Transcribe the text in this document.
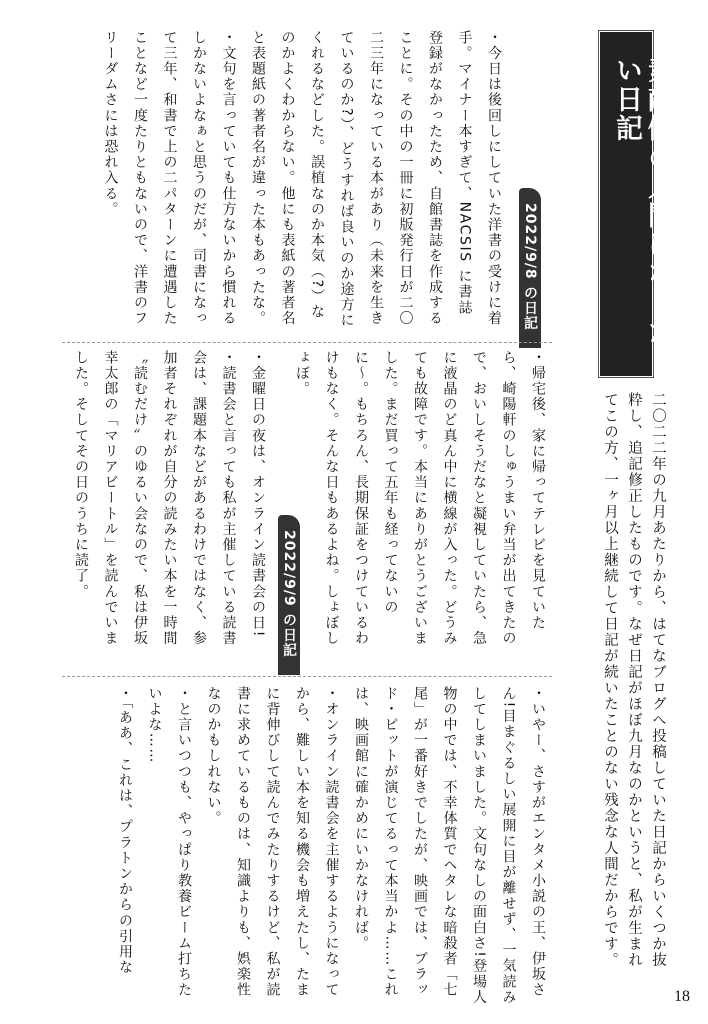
素敵側の人間になりたい日記
二〇二二年の九月あたりから、はてなブログへ投稿していた日記からいくつか抜粋し、追記修正したものです。なぜ日記がほぼ九月なのかというと、私が生まれてこの方、一ヶ月以上継続して日記が続いたことのない残念な人間だからです。
2022/9/8 の日記

・今日は後回しにしていた洋書の受けに着手。マイナー本すぎて、NACSIS に書誌登録がなかったため、自館書誌を作成することに。その中の一冊に初版発行日が二〇二三年になっている本があり（未来を生きているのか?）、どうすれば良いのか途方にくれるなどした。誤植なのか本気（?）なのかよくわからない。他にも表紙の著者名と表題紙の著者名が違った本もあったな。

・文句を言っていても仕方ないから慣れるしかないよなぁと思うのだが、司書になって三年、和書で上の二パターンに遭遇したことなど一度たりともないので、洋書のフリーダムさには恐れ入る。

2022/9/9 の日記	・帰宅後、家に帰ってテレビを見ていたら、崎陽軒のしゅうまい弁当が出てきたので、おいしそうだなと凝視していたら、急に液晶のど真ん中に横線が入った。どうみても故障です。本当にありがとうございました。まだ買って五年も経ってないのに〜。もちろん、長期保証をつけているわけもなく。そんな日もあるよね。しょぼしょぼ。

・金曜日の夜は、オンライン読書会の日!

・読書会と言っても私が主催している読書会は、課題本などがあるわけではなく、参加者それぞれが自分の読みたい本を一時間〝読むだけ〟のゆるい会なので、私は伊坂幸太郎の「マリアビートル」を読んでいました。そしてその日のうちに読了。

・いやー、さすがエンタメ小説の王、伊坂さん!目まぐるしい展開に目が離せず、一気読みしてしまいました。文句なしの面白さ!登場人物の中では、不幸体質でヘタレな暗殺者「七尾」が一番好きでしたが、映画では、ブラッド・ピットが演じてるって本当かよ……これは、映画館に確かめにいかなければ。

・オンライン読書会を主催するようになってから、難しい本を知る機会も増えたし、たまに背伸びして読んでみたりするけど、私が読書に求めているものは、知識よりも、娯楽性なのかもしれない。

・と言いつつも、やっぱり教養ビーム打ちたいよな……

・「ああ、これは、プラトンからの引用な

18
